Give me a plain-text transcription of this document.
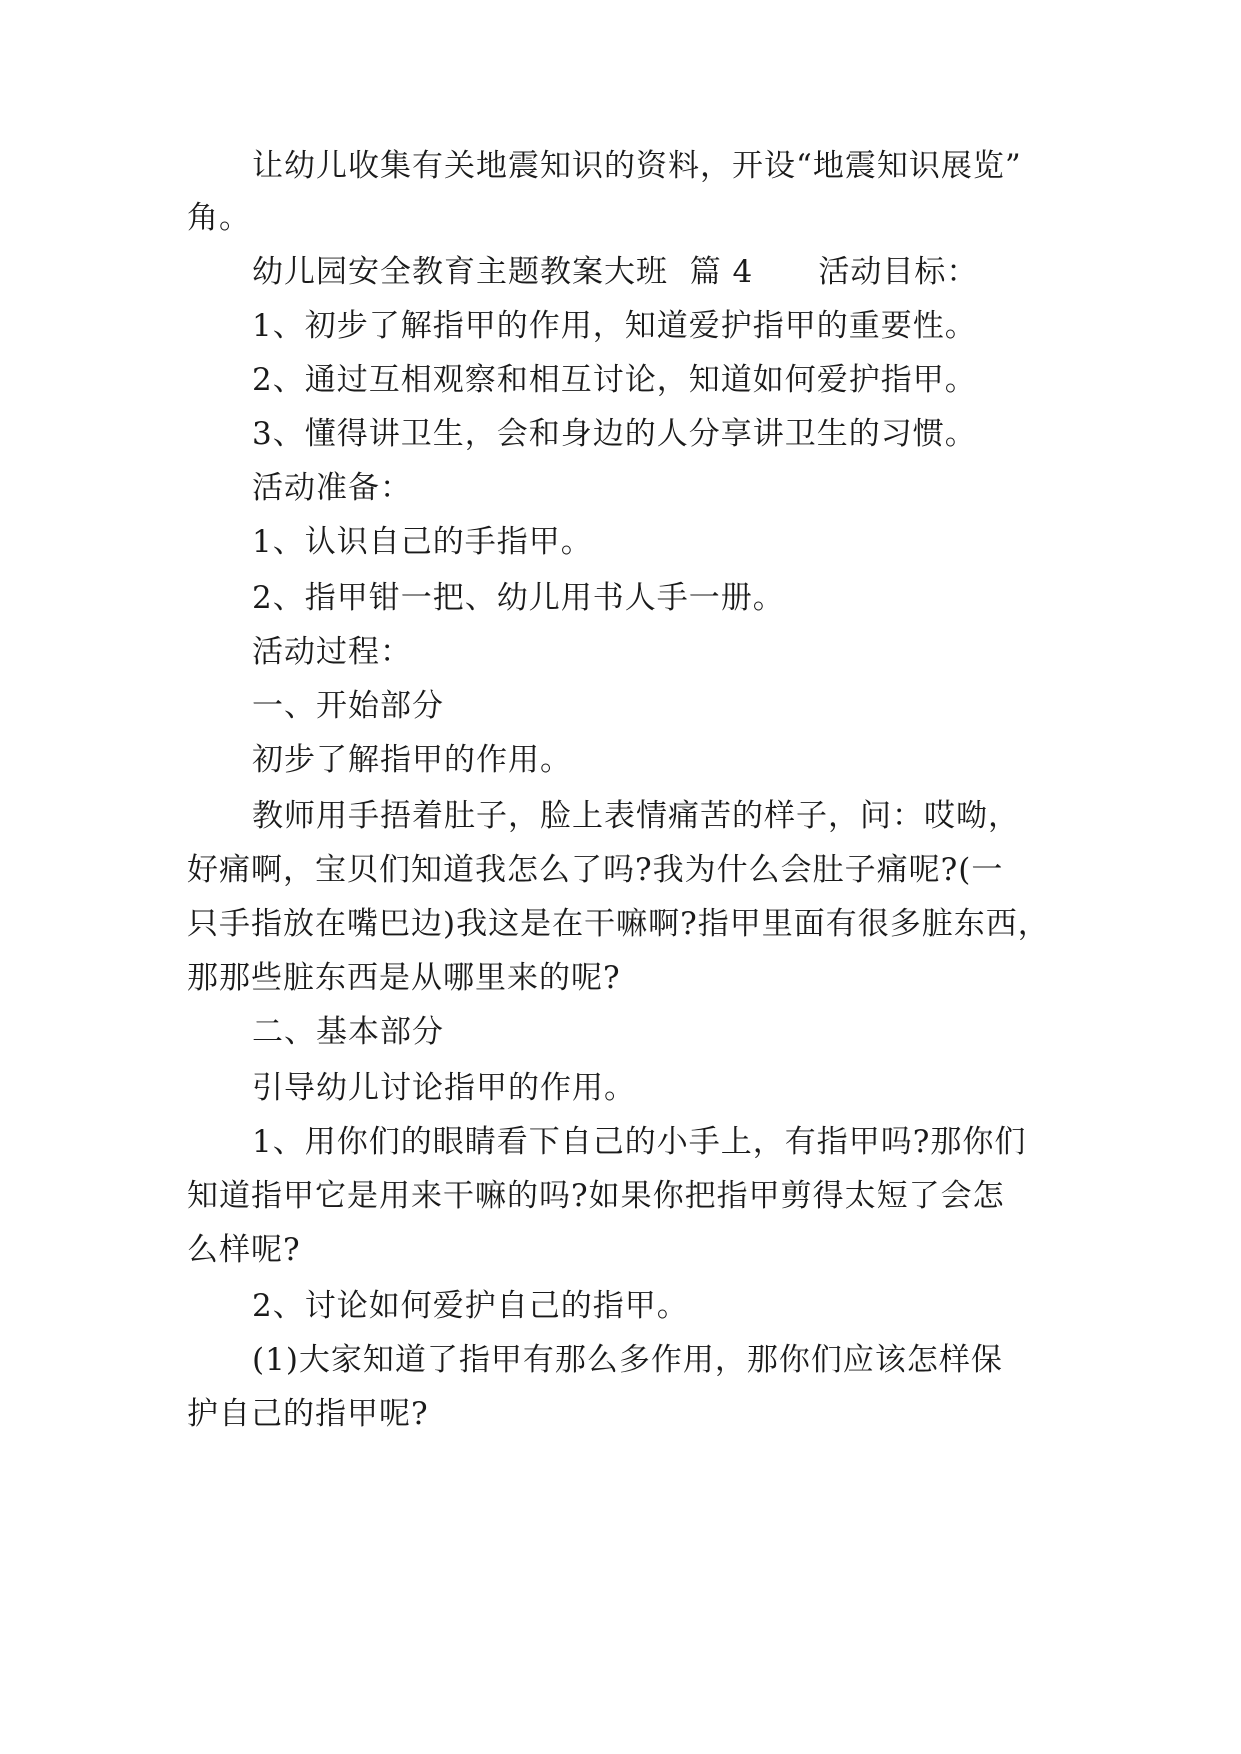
让幼儿收集有关地震知识的资料，开设“地震知识展览”
角。
幼儿园安全教育主题教案大班  篇 4      活动目标：
1、初步了解指甲的作用，知道爱护指甲的重要性。
2、通过互相观察和相互讨论，知道如何爱护指甲。
3、懂得讲卫生，会和身边的人分享讲卫生的习惯。
活动准备：
1、认识自己的手指甲。
2、指甲钳一把、幼儿用书人手一册。
活动过程：
一、开始部分
初步了解指甲的作用。
教师用手捂着肚子，脸上表情痛苦的样子，问：哎呦，
好痛啊，宝贝们知道我怎么了吗?我为什么会肚子痛呢?(一
只手指放在嘴巴边)我这是在干嘛啊?指甲里面有很多脏东西，
那那些脏东西是从哪里来的呢?
二、基本部分
引导幼儿讨论指甲的作用。
1、用你们的眼睛看下自己的小手上，有指甲吗?那你们
知道指甲它是用来干嘛的吗?如果你把指甲剪得太短了会怎
么样呢?
2、讨论如何爱护自己的指甲。
(1)大家知道了指甲有那么多作用，那你们应该怎样保
护自己的指甲呢?
